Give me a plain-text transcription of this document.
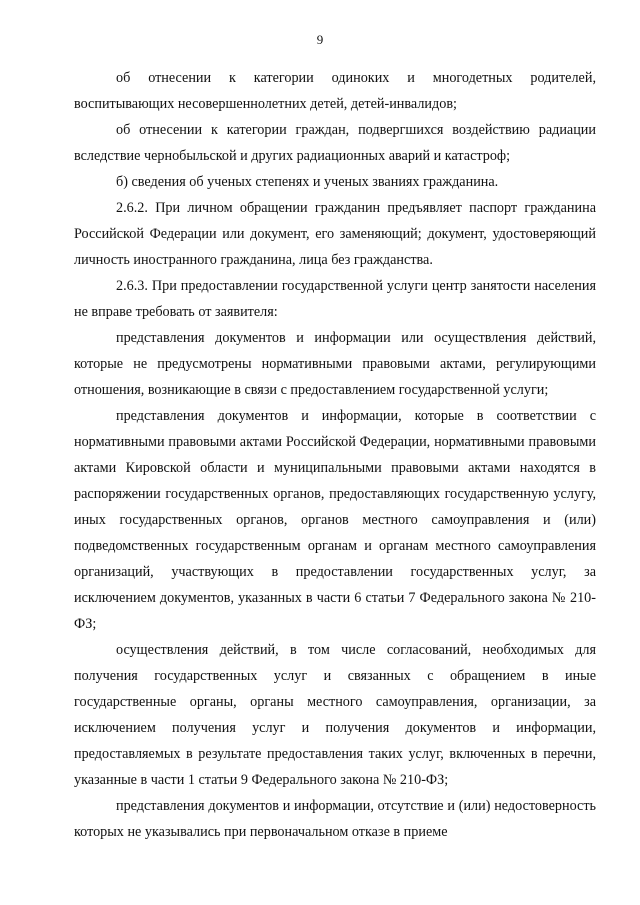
9

об отнесении к категории одиноких и многодетных родителей, воспитывающих несовершеннолетних детей, детей-инвалидов;

об отнесении к категории граждан, подвергшихся воздействию радиации вследствие чернобыльской и других радиационных аварий и катастроф;

б) сведения об ученых степенях и ученых званиях гражданина.

2.6.2. При личном обращении гражданин предъявляет паспорт гражданина Российской Федерации или документ, его заменяющий; документ, удостоверяющий личность иностранного гражданина, лица без гражданства.

2.6.3. При предоставлении государственной услуги центр занятости населения не вправе требовать от заявителя:

представления документов и информации или осуществления действий, которые не предусмотрены нормативными правовыми актами, регулирующими отношения, возникающие в связи с предоставлением государственной услуги;

представления документов и информации, которые в соответствии с нормативными правовыми актами Российской Федерации, нормативными правовыми актами Кировской области и муниципальными правовыми актами находятся в распоряжении государственных органов, предоставляющих государственную услугу, иных государственных органов, органов местного самоуправления и (или) подведомственных государственным органам и органам местного самоуправления организаций, участвующих в предоставлении государственных услуг, за исключением документов, указанных в части 6 статьи 7 Федерального закона № 210-ФЗ;

осуществления действий, в том числе согласований, необходимых для получения государственных услуг и связанных с обращением в иные государственные органы, органы местного самоуправления, организации, за исключением получения услуг и получения документов и информации, предоставляемых в результате предоставления таких услуг, включенных в перечни, указанные в части 1 статьи 9 Федерального закона № 210-ФЗ;

представления документов и информации, отсутствие и (или) недостоверность которых не указывались при первоначальном отказе в приеме
